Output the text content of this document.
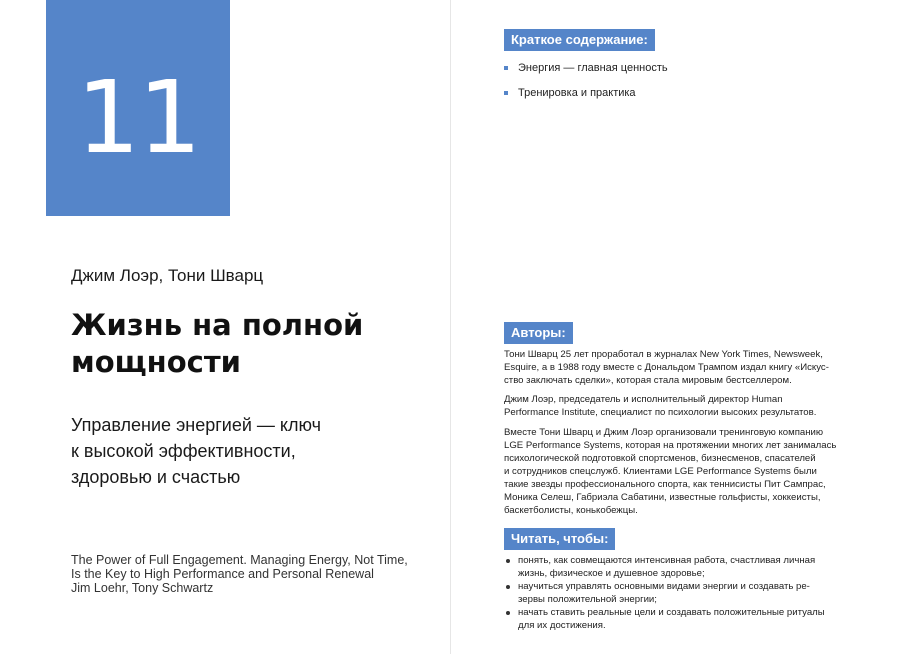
11
Джим Лоэр, Тони Шварц
Жизнь на полной
мощности
Управление энергией — ключ
к высокой эффективности,
здоровью и счастью
The Power of Full Engagement. Managing Energy, Not Time,
Is the Key to High Performance and Personal Renewal
Jim Loehr, Tony Schwartz
Краткое содержание:
Энергия — главная ценность
Тренировка и практика
Авторы:

Тони Шварц 25 лет проработал в журналах New York Times, Newsweek,
Esquire, а в 1988 году вместе с Дональдом Трампом издал книгу «Искус-
ство заключать сделки», которая стала мировым бестселлером.

Джим Лоэр, председатель и исполнительный директор Human
Performance Institute, специалист по психологии высоких результатов.

Вместе Тони Шварц и Джим Лоэр организовали тренинговую компанию
LGE Performance Systems, которая на протяжении многих лет занималась
психологической подготовкой спортсменов, бизнесменов, спасателей
и сотрудников спецслужб. Клиентами LGE Performance Systems были
такие звезды профессионального спорта, как теннисисты Пит Сампрас,
Моника Селеш, Габриэла Сабатини, известные гольфисты, хоккеисты,
баскетболисты, конькобежцы.

Читать, чтобы:
понять, как совмещаются интенсивная работа, счастливая личная
жизнь, физическое и душевное здоровье;
научиться управлять основными видами энергии и создавать ре-
зервы положительной энергии;
начать ставить реальные цели и создавать положительные ритуалы
для их достижения.
